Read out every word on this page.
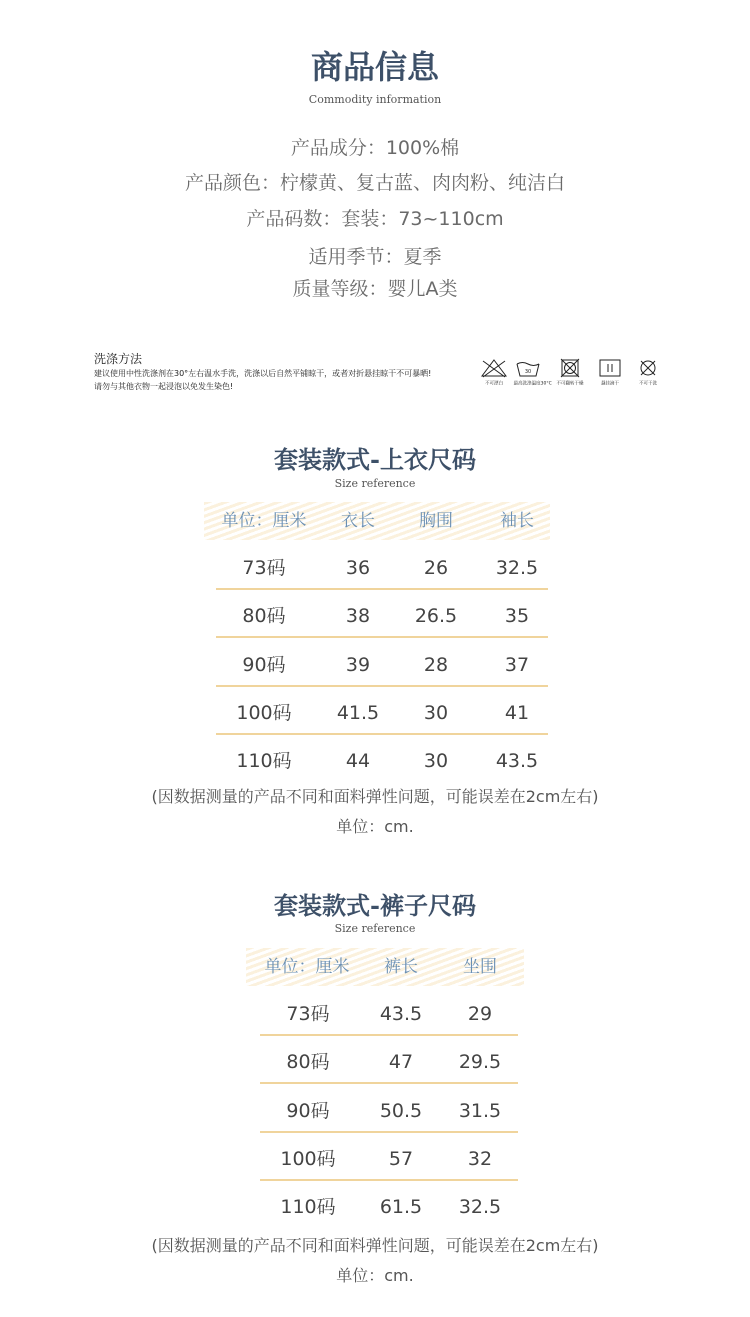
商品信息
Commodity information
产品成分：100%棉
产品颜色：柠檬黄、复古蓝、肉肉粉、纯洁白
产品码数：套装：73~110cm
适用季节：夏季
质量等级：婴儿A类
洗涤方法
建议使用中性洗涤剂在30°左右温水手洗，洗涤以后自然平铺晾干，或者对折悬挂晾干不可暴晒!
请勿与其他衣物一起浸泡以免发生染色!	不可漂白
30
最高洗涤温度30°C 不可翻转干燥	悬挂滴干	不可干洗
套装款式-上衣尺码
Size reference
单位：厘米	衣长	胸围	袖长
73码	36	26	32.5
80码	38	26.5	35
90码	39	28	37
100码	41.5	30	41
110码	44	30	43.5
(因数据测量的产品不同和面料弹性问题，可能误差在2cm左右)
单位：cm.
套装款式-裤子尺码
Size reference
单位：厘米	裤长	坐围
73码	43.5	29
80码	47	29.5
90码	50.5	31.5
100码	57	32
110码	61.5	32.5
(因数据测量的产品不同和面料弹性问题，可能误差在2cm左右)
单位：cm.
